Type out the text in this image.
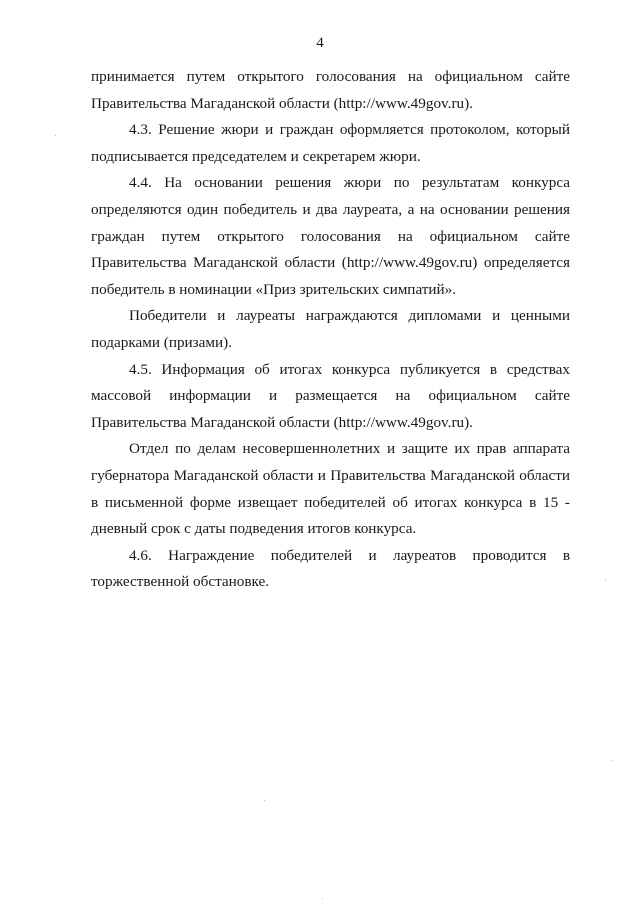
4

принимается путем открытого голосования на официальном сайте Правительства Магаданской области (http://www.49gov.ru).

4.3. Решение жюри и граждан оформляется протоколом, который подписывается председателем и секретарем жюри.

4.4. На основании решения жюри по результатам конкурса определяются один победитель и два лауреата, а на основании решения граждан путем открытого голосования на официальном сайте Правительства Магаданской области (http://www.49gov.ru) определяется победитель в номинации «Приз зрительских симпатий».

Победители и лауреаты награждаются дипломами и ценными подарками (призами).

4.5. Информация об итогах конкурса публикуется в средствах массовой информации и размещается на официальном сайте Правительства Магаданской области (http://www.49gov.ru).

Отдел по делам несовершеннолетних и защите их прав аппарата губернатора Магаданской области и Правительства Магаданской области в письменной форме извещает победителей об итогах конкурса в 15 - дневный срок с даты подведения итогов конкурса.

4.6. Награждение победителей и лауреатов проводится в торжественной обстановке.
